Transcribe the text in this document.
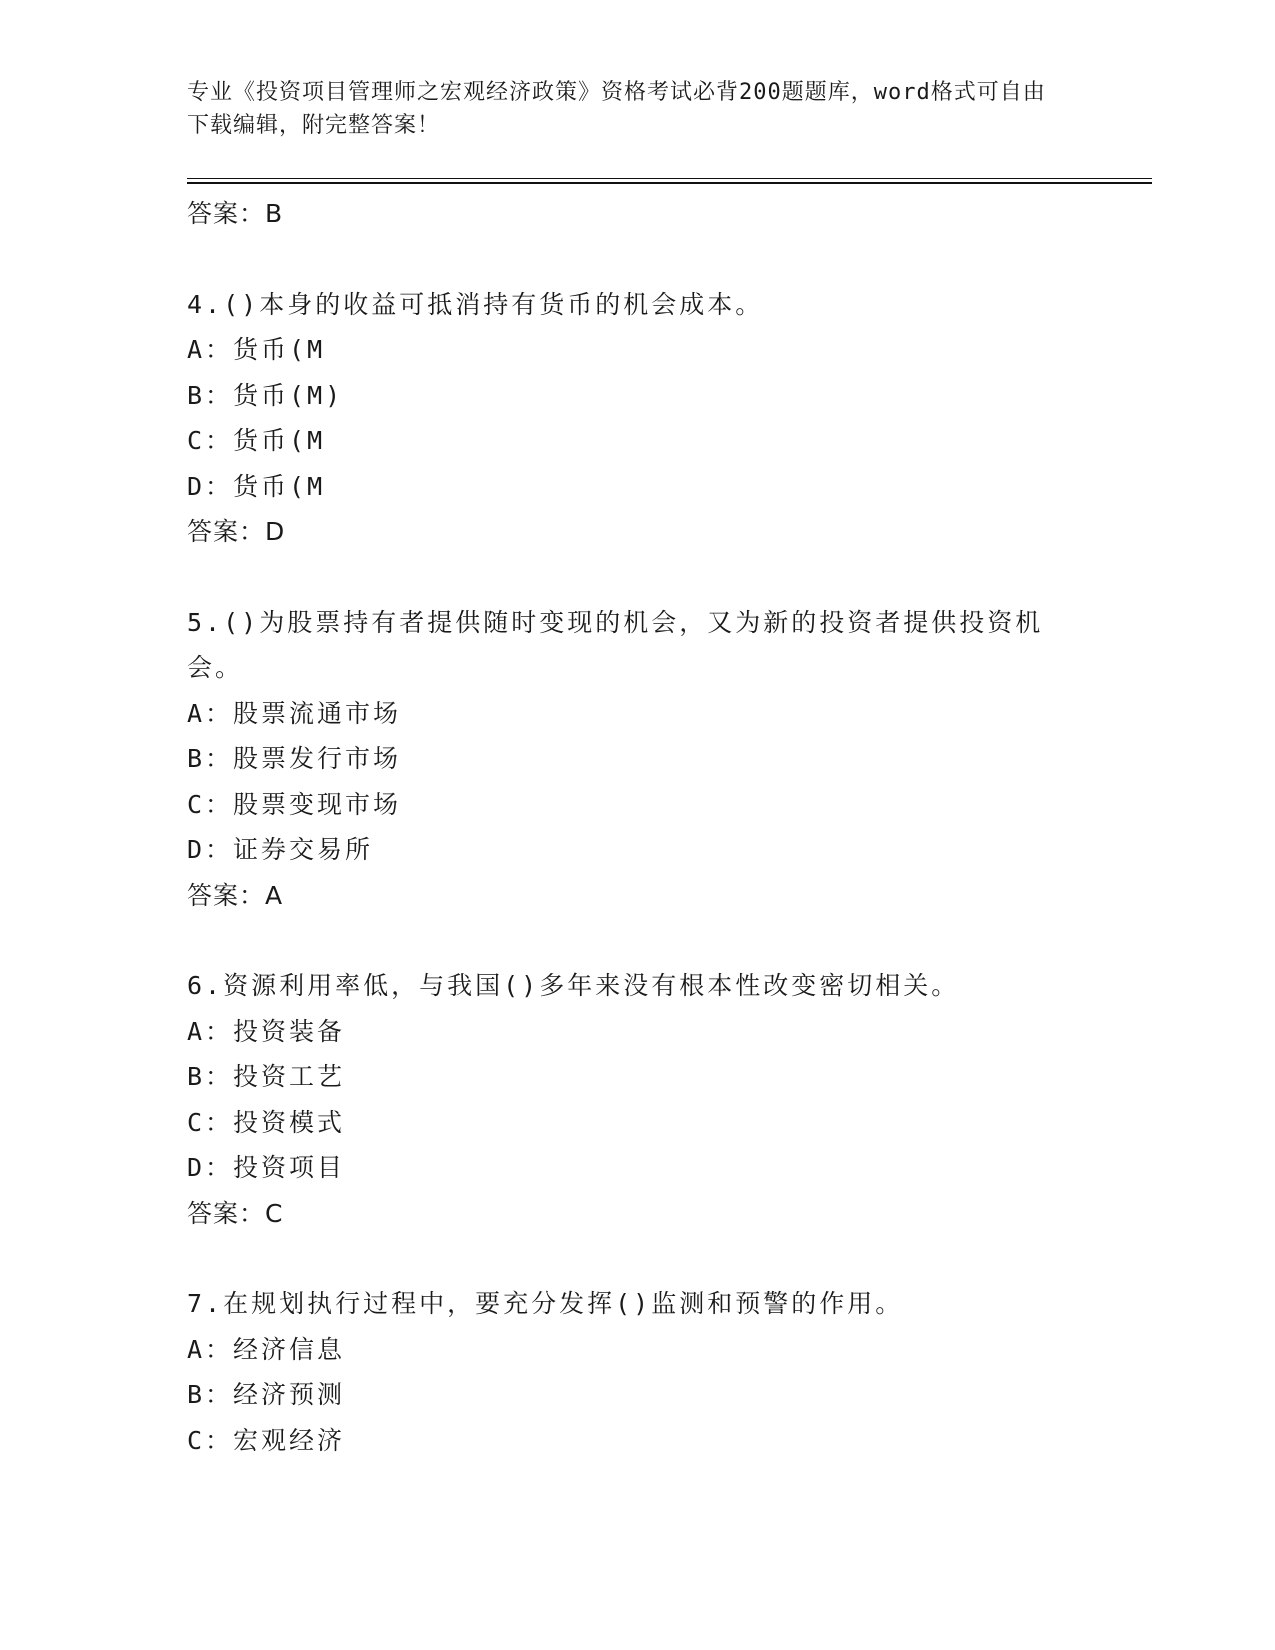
专业《投资项目管理师之宏观经济政策》资格考试必背200题题库，word格式可自由下载编辑，附完整答案！
答案：B
4.()本身的收益可抵消持有货币的机会成本。
A：货币(M
B：货币(M)
C：货币(M
D：货币(M
答案：D
5.()为股票持有者提供随时变现的机会，又为新的投资者提供投资机会。
A：股票流通市场
B：股票发行市场
C：股票变现市场
D：证券交易所
答案：A
6.资源利用率低，与我国()多年来没有根本性改变密切相关。
A：投资装备
B：投资工艺
C：投资模式
D：投资项目
答案：C
7.在规划执行过程中，要充分发挥()监测和预警的作用。
A：经济信息
B：经济预测
C：宏观经济
